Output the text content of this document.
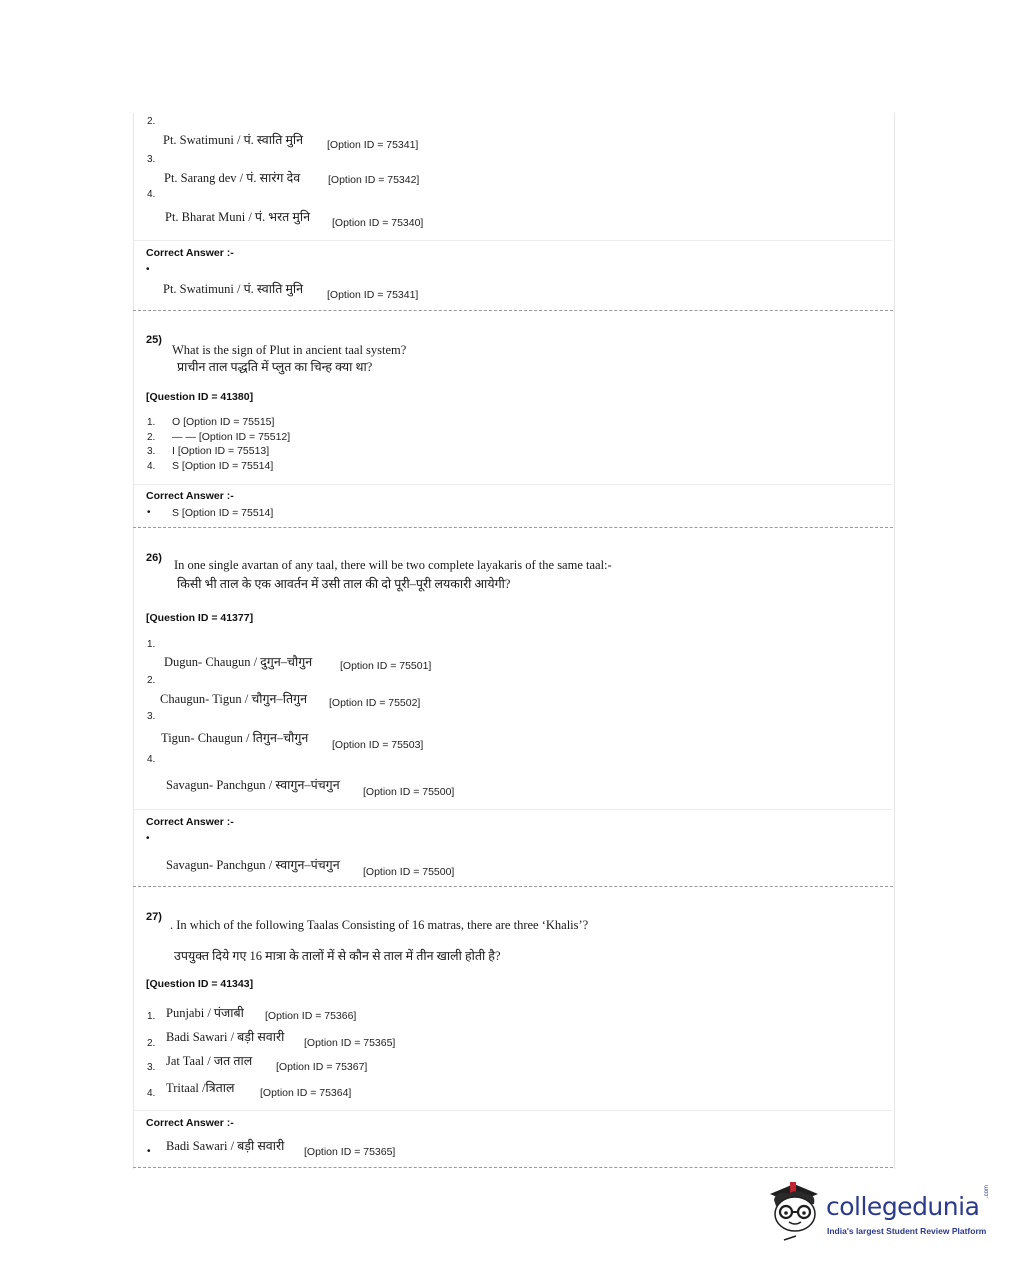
2.
Pt. Swatimuni / पं. स्वाति मुनि [Option ID = 75341]
3.
Pt. Sarang dev / पं. सारंग देव	[Option ID = 75342]
4.
Pt. Bharat Muni / पं. भरत मुनि [Option ID = 75340]
Correct Answer :-
•
Pt. Swatimuni / पं. स्वाति मुनि [Option ID = 75341]
25)
What is the sign of Plut in ancient taal system?
प्राचीन ताल पद्धति में प्लुत का चिन्ह क्या था?
[Question ID = 41380]
1. O [Option ID = 75515]
2. — — [Option ID = 75512]
3. I [Option ID = 75513]
4. S [Option ID = 75514]
Correct Answer :-
• S [Option ID = 75514]
26) In one single avartan of any taal, there will be two complete layakaris of the same taal:-
किसी भी ताल के एक आवर्तन में उसी ताल की दो पूरी–पूरी लयकारी आयेगी?
[Question ID = 41377]
1.
Dugun- Chaugun / दुगुन–चौगुन	[Option ID = 75501]
2.
Chaugun- Tigun / चौगुन–तिगुन [Option ID = 75502]
3.
Tigun- Chaugun / तिगुन–चौगुन [Option ID = 75503]
4.
Savagun- Panchgun / स्वागुन–पंचगुन [Option ID = 75500]
Correct Answer :-
•
Savagun- Panchgun / स्वागुन–पंचगुन [Option ID = 75500]
27)
. In which of the following Taalas Consisting of 16 matras, there are three ‘Khalis’?
उपयुक्त दिये गए 16 मात्रा के तालों में से कौन से ताल में तीन खाली होती है?
[Question ID = 41343]
1. Punjabi / पंजाबी [Option ID = 75366]
2. Badi Sawari / बड़ी सवारी [Option ID = 75365]
3. Jat Taal / जत ताल [Option ID = 75367]
4. Tritaal /त्रिताल [Option ID = 75364]
Correct Answer :-
• Badi Sawari / बड़ी सवारी [Option ID = 75365]
collegedunia
.com
India's largest Student Review Platform
